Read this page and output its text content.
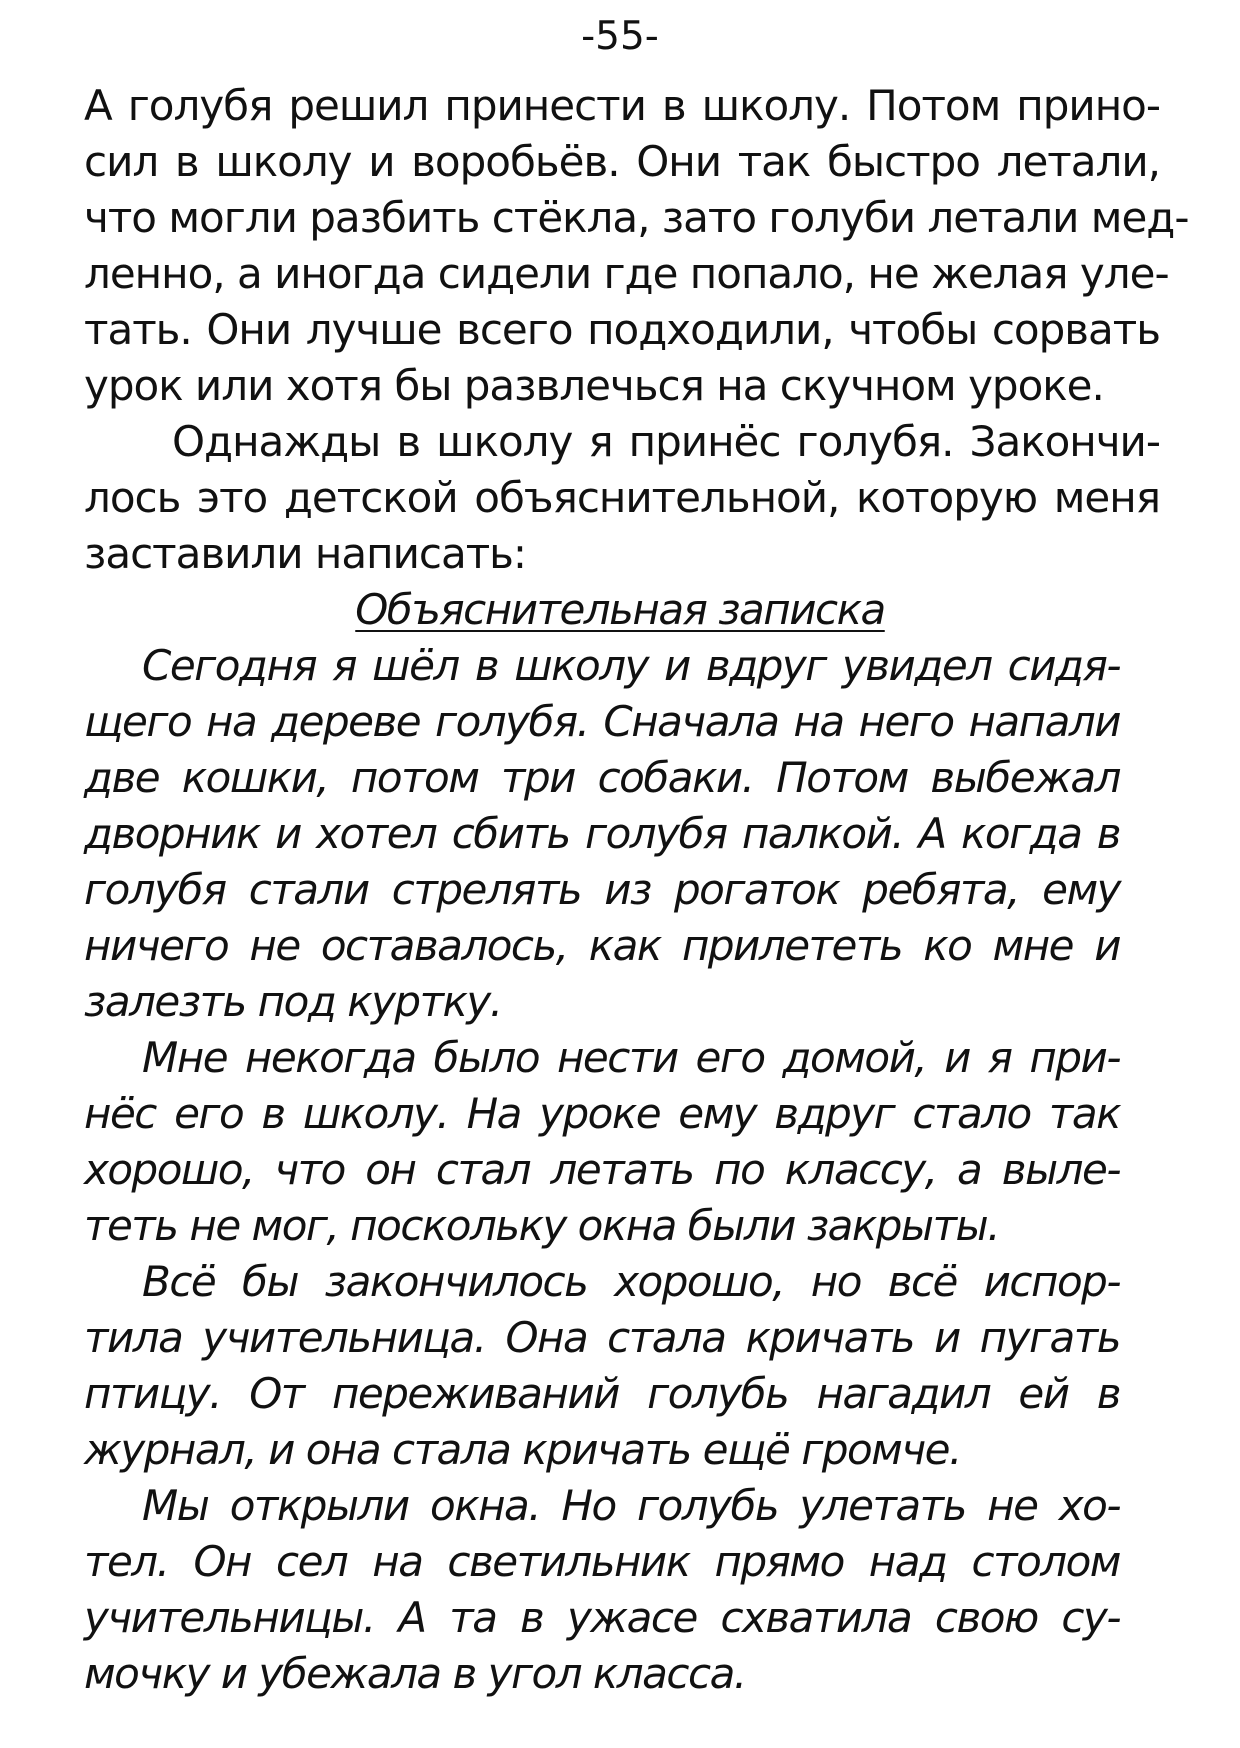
-55-
А голубя решил принести в школу. Потом прино-
сил в школу и воробьёв. Они так быстро летали,
что могли разбить стёкла, зато голуби летали мед-
ленно, а иногда сидели где попало, не желая уле-
тать. Они лучше всего подходили, чтобы сорвать
урок или хотя бы развлечься на скучном уроке.
Однажды в школу я принёс голубя. Закончи-
лось это детской объяснительной, которую меня
заставили написать:
Объяснительная записка
Сегодня я шёл в школу и вдруг увидел сидя-
щего на дереве голубя. Сначала на него напали
две кошки, потом три собаки. Потом выбежал
дворник и хотел сбить голубя палкой. А когда в
голубя стали стрелять из рогаток ребята, ему
ничего не оставалось, как прилететь ко мне и
залезть под куртку.
Мне некогда было нести его домой, и я при-
нёс его в школу. На уроке ему вдруг стало так
хорошо, что он стал летать по классу, а выле-
теть не мог, поскольку окна были закрыты.
Всё бы закончилось хорошо, но всё испор-
тила учительница. Она стала кричать и пугать
птицу. От переживаний голубь нагадил ей в
журнал, и она стала кричать ещё громче.
Мы открыли окна. Но голубь улетать не хо-
тел. Он сел на светильник прямо над столом
учительницы. А та в ужасе схватила свою су-
мочку и убежала в угол класса.
